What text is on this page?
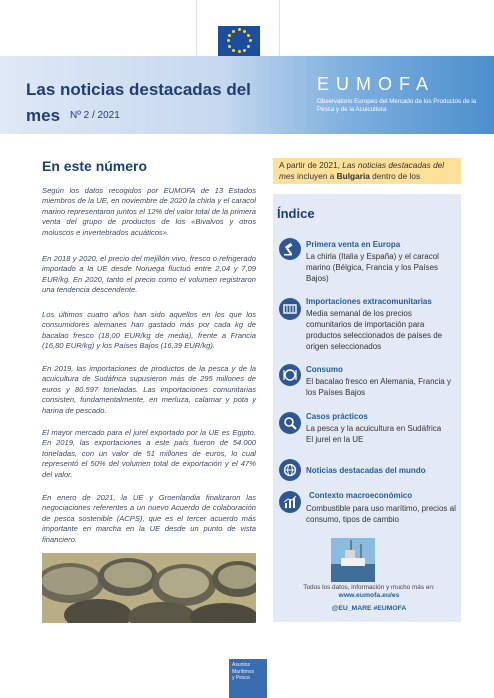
Las noticias destacadas del
mes Nº 2 / 2021
EUMOFA
Observatorio Europeo del Mercado de los Productos de la Pesca y de la Acuicultura
En este número
Según los datos recogidos por EUMOFA de 13 Estados miembros de la UE, en noviembre de 2020 la chirla y el caracol marino representaron juntos el 12% del valor total de la primera venta del grupo de productos de los «Bivalvos y otros moluscos e invertebrados acuáticos».
En 2018 y 2020, el precio del mejillón vivo, fresco o refrigerado importado a la UE desde Noruega fluctuó entre 2,04 y 7,09 EUR/kg. En 2020, tanto el precio como el volumen registraron una tendencia descendente.
Los últimos cuatro años han sido aquellos en los que los consumidores alemanes han gastado más por cada kg de bacalao fresco (18,00 EUR/kg de media), frente a Francia (16,80 EUR/kg) y los Países Bajos (16,39 EUR/kg).
En 2019, las importaciones de productos de la pesca y de la acuicultura de Sudáfrica supusieron más de 295 millones de euros y 80.597 toneladas. Las importaciones comunitarias consisten, fundamentalmente, en merluza, calamar y pota y harina de pescado.
El mayor mercado para el jurel exportado por la UE es Egipto. En 2019, las exportaciones a este país fueron de 54.000 toneladas, con un valor de 51 millones de euros, lo cual representó el 50% del volumen total de exportación y el 47% del valor.
En enero de 2021, la UE y Groenlandia finalizaron las negociaciones referentes a un nuevo Acuerdo de colaboración de pesca sostenible (ACPS), que es el tercer acuerdo más importante en marcha en la UE desde un punto de vista financiero.
A partir de 2021, Las noticias destacadas del mes incluyen a Bulgaria dentro de los
Índice
Primera venta en Europa
La chirla (Italia y España) y el caracol marino (Bélgica, Francia y los Países Bajos)
Importaciones extracomunitarias
Media semanal de los precios comunitarios de importación para productos seleccionados de países de origen seleccionados
Consumo
El bacalao fresco en Alemania, Francia y los Países Bajos
Casos prácticos
La pesca y la acuicultura en Sudáfrica
El jurel en la UE
Noticias destacadas del mundo
Contexto macroeconómico
Combustible para uso marítimo, precios al consumo, tipos de cambio
Todos los datos, información y mucho más en:
www.eumofa.eu/es
@EU_MARE #EUMOFA
Asuntos
Marítimos
y Pesca
